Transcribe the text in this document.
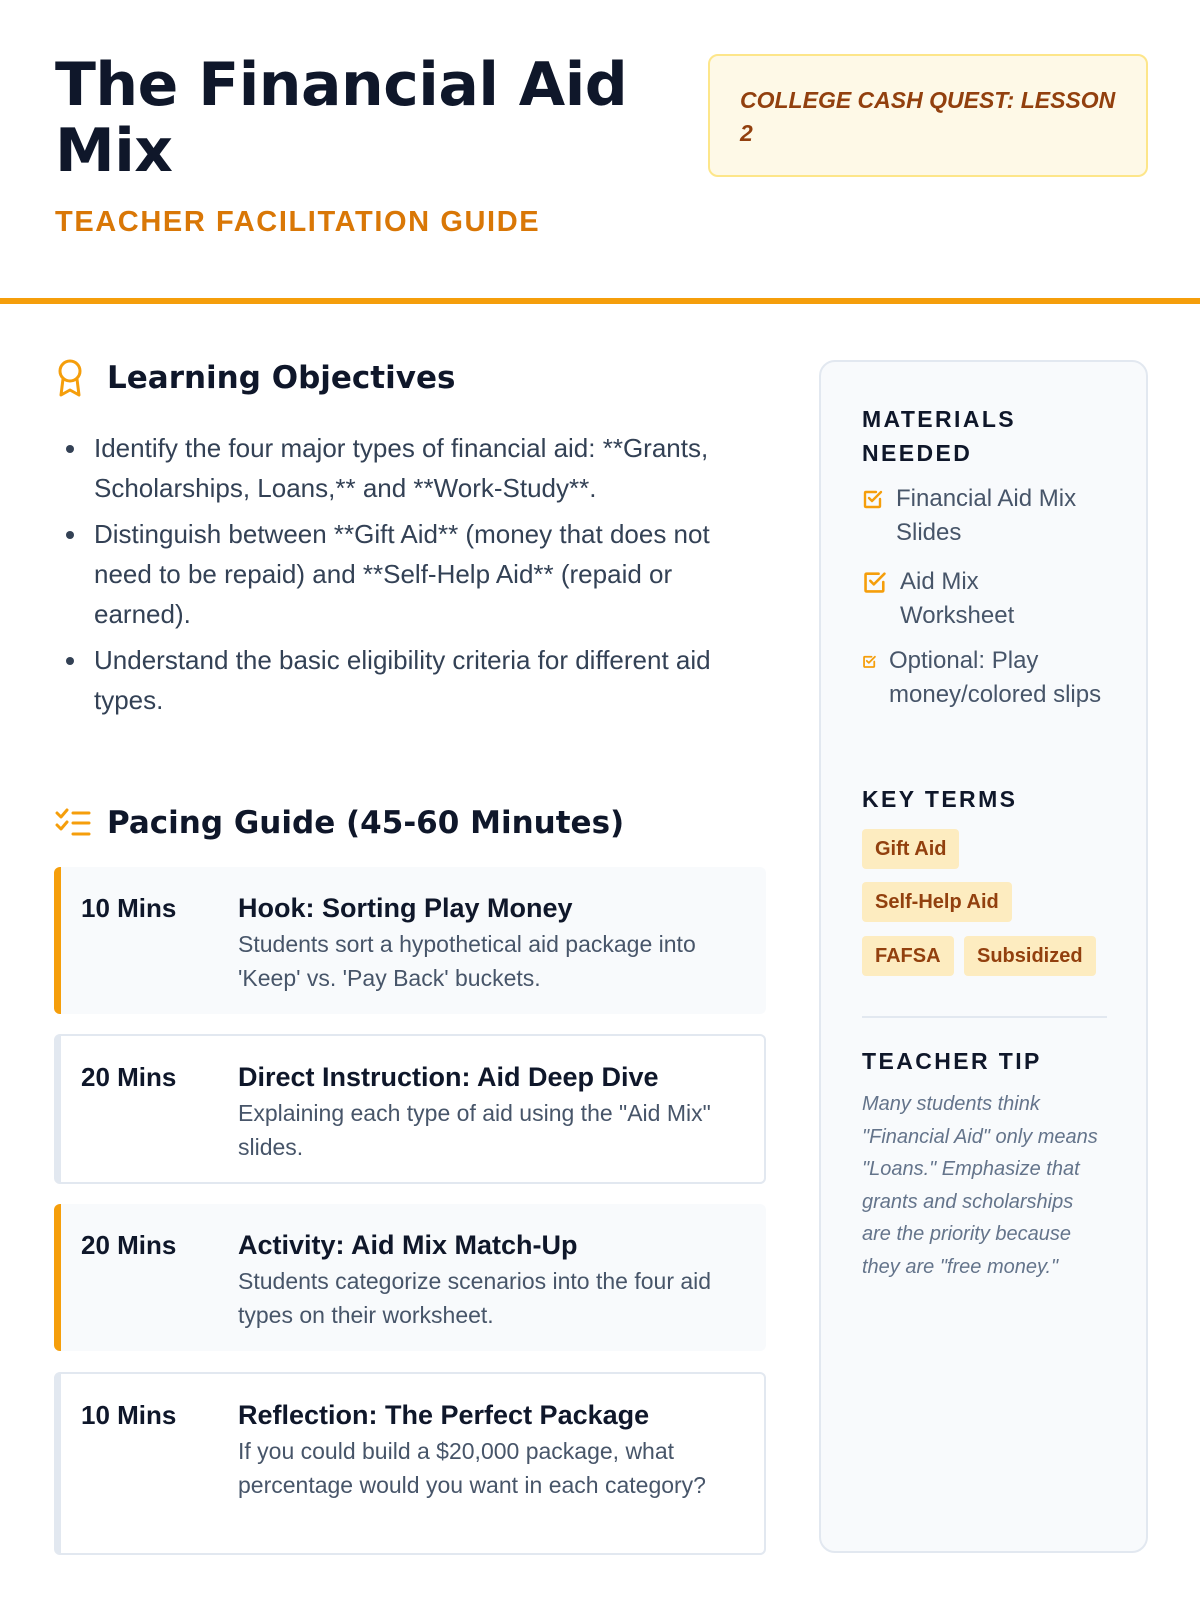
The Financial Aid Mix
TEACHER FACILITATION GUIDE
COLLEGE CASH QUEST: LESSON 2
Learning Objectives
Identify the four major types of financial aid: **Grants, Scholarships, Loans,** and **Work-Study**.
Distinguish between **Gift Aid** (money that does not need to be repaid) and **Self-Help Aid** (repaid or earned).
Understand the basic eligibility criteria for different aid types.
Pacing Guide (45-60 Minutes)
10 Mins Hook: Sorting Play Money
Students sort a hypothetical aid package into 'Keep' vs. 'Pay Back' buckets.
20 Mins Direct Instruction: Aid Deep Dive
Explaining each type of aid using the "Aid Mix" slides.
20 Mins Activity: Aid Mix Match-Up
Students categorize scenarios into the four aid types on their worksheet.
10 Mins Reflection: The Perfect Package
If you could build a $20,000 package, what percentage would you want in each category?
MATERIALS NEEDED
Financial Aid Mix Slides
Aid Mix Worksheet
Optional: Play money/colored slips
KEY TERMS
Gift Aid
Self-Help Aid
FAFSA	Subsidized
TEACHER TIP

Many students think "Financial Aid" only means "Loans." Emphasize that grants and scholarships are the priority because they are "free money."
